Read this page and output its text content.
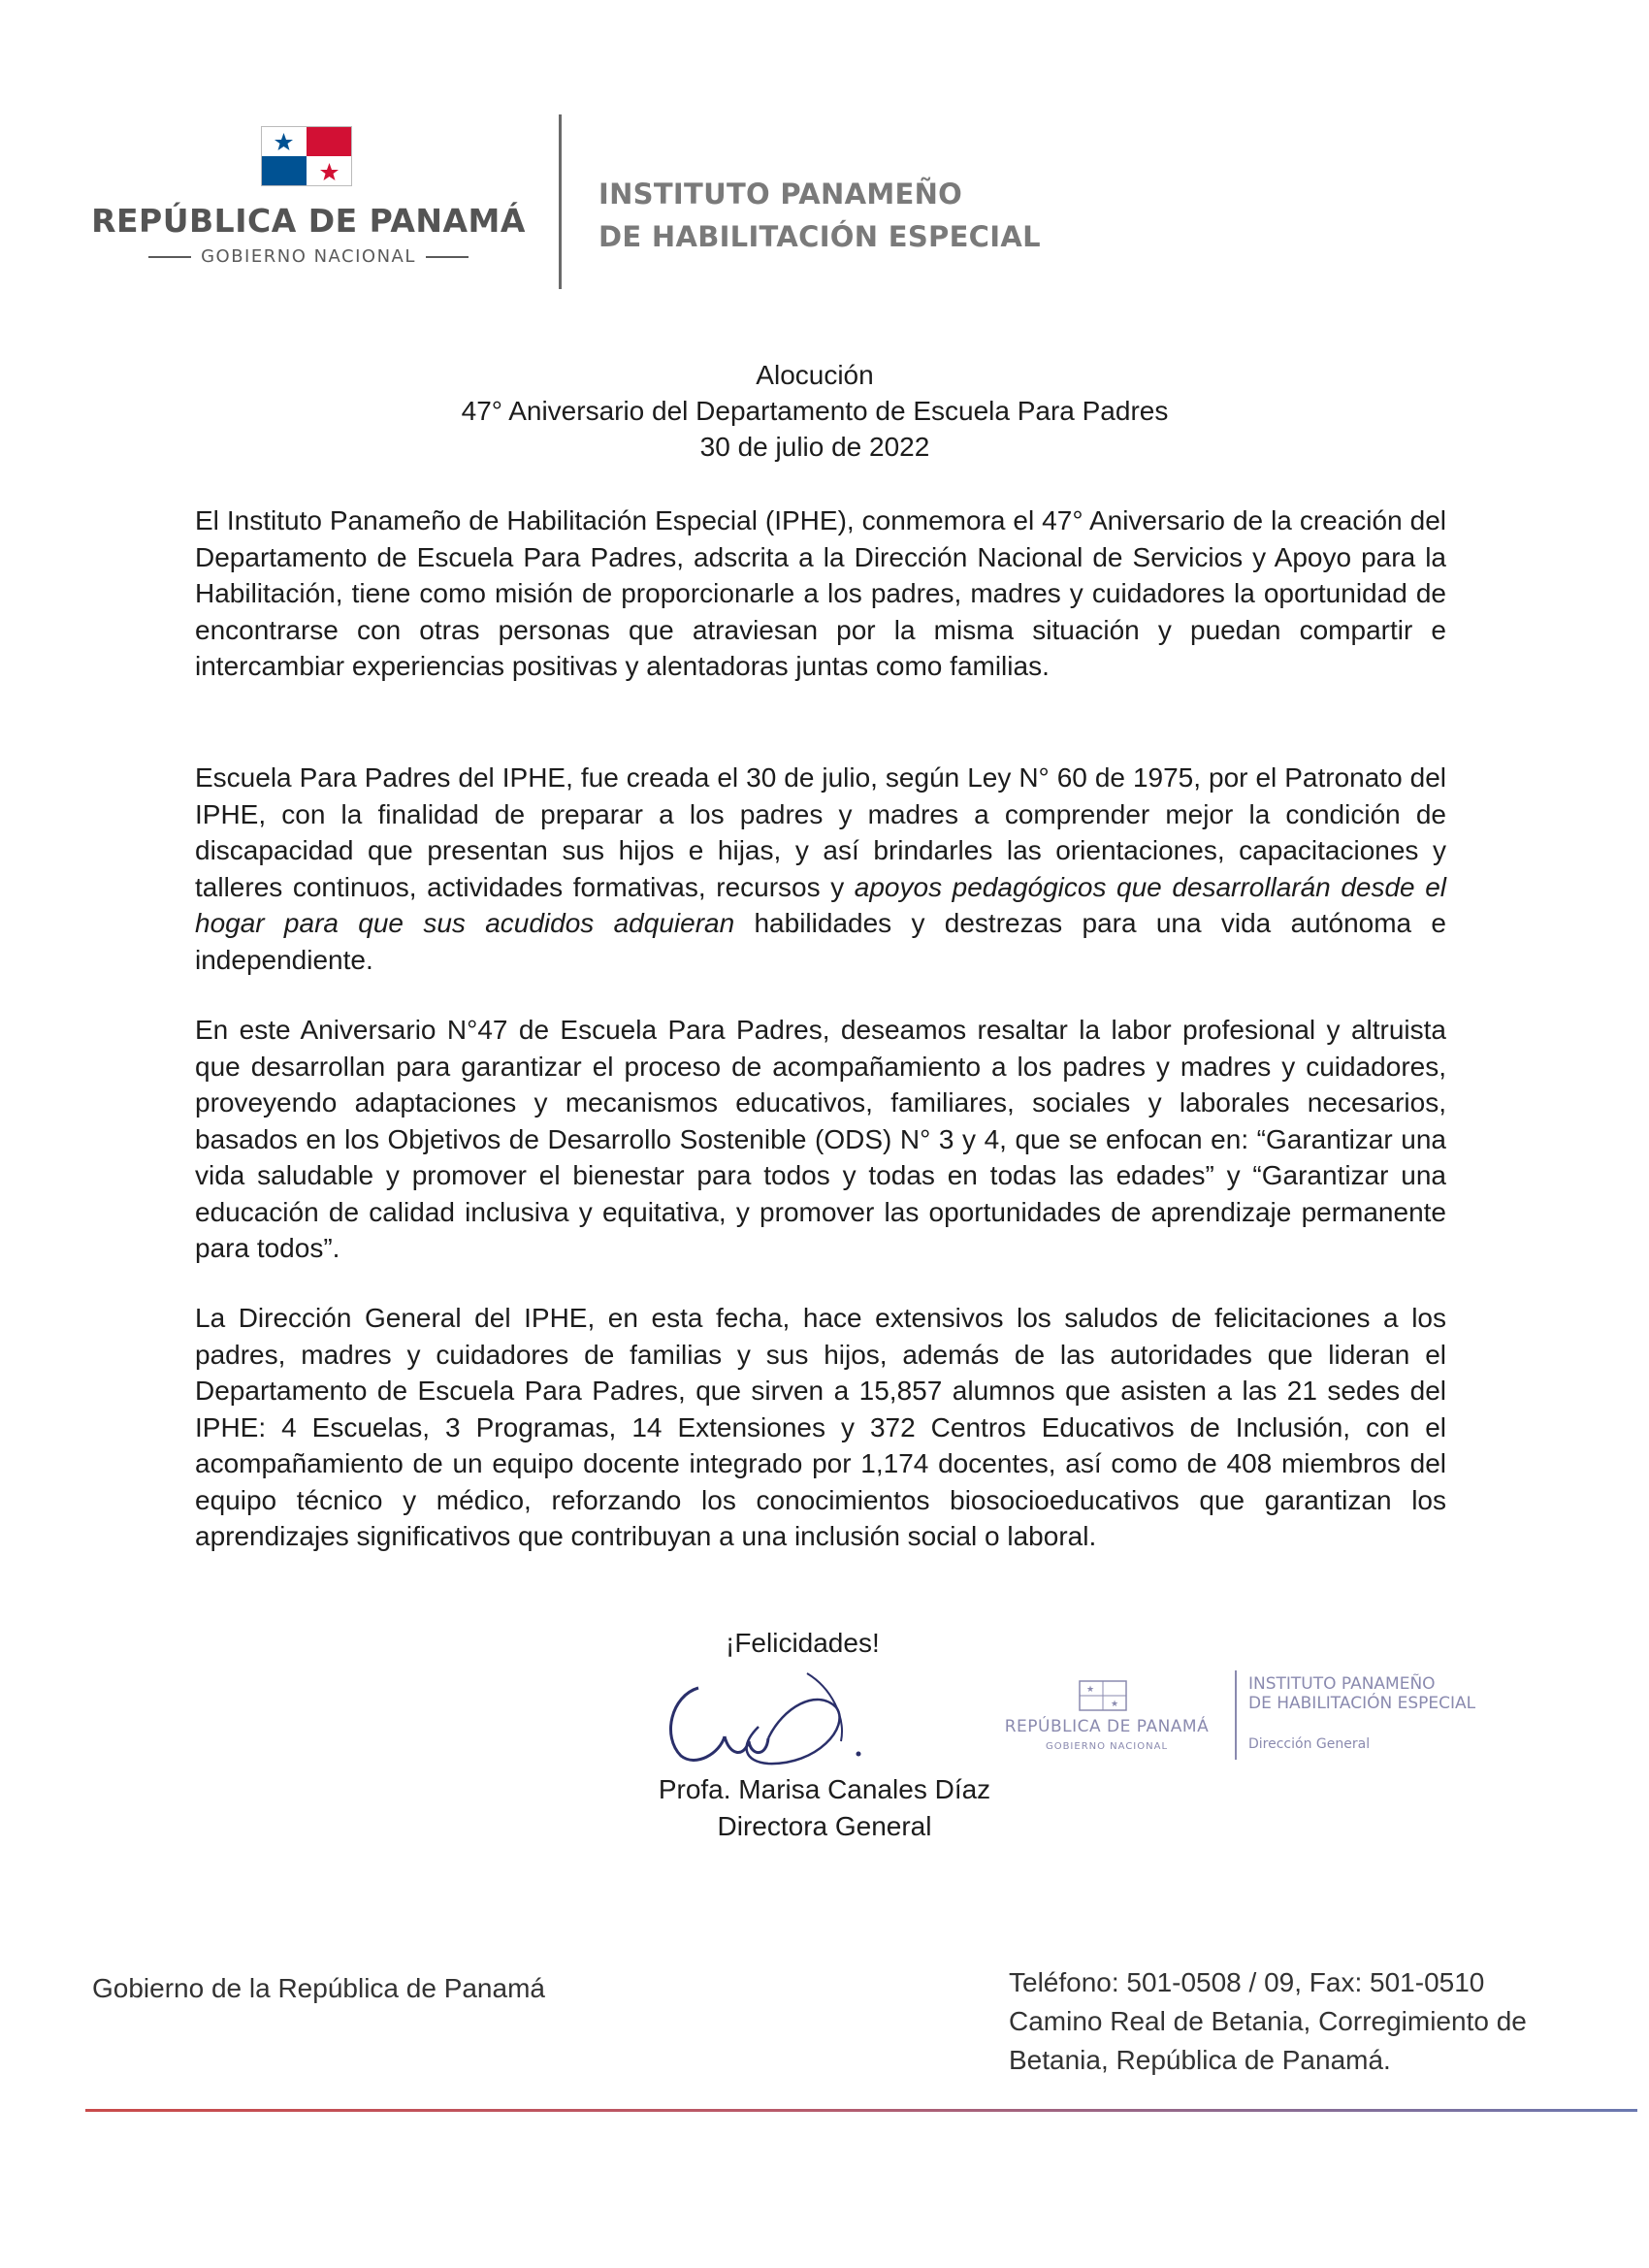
REPÚBLICA DE PANAMÁ
GOBIERNO NACIONAL
INSTITUTO PANAMEÑO
DE HABILITACIÓN ESPECIAL
Alocución
47° Aniversario del Departamento de Escuela Para Padres
30 de julio de 2022

El Instituto Panameño de Habilitación Especial (IPHE), conmemora el 47° Aniversario de la creación del Departamento de Escuela Para Padres, adscrita a la Dirección Nacional de Servicios y Apoyo para la Habilitación, tiene como misión de proporcionarle a los padres, madres y cuidadores la oportunidad de encontrarse con otras personas que atraviesan por la misma situación y puedan compartir e intercambiar experiencias positivas y alentadoras juntas como familias.

Escuela Para Padres del IPHE, fue creada el 30 de julio, según Ley N° 60 de 1975, por el Patronato del IPHE, con la finalidad de preparar a los padres y madres a comprender mejor la condición de discapacidad que presentan sus hijos e hijas, y así brindarles las orientaciones, capacitaciones y talleres continuos, actividades formativas, recursos y apoyos pedagógicos que desarrollarán desde el hogar para que sus acudidos adquieran habilidades y destrezas para una vida autónoma e independiente.

En este Aniversario N°47 de Escuela Para Padres, deseamos resaltar la labor profesional y altruista que desarrollan para garantizar el proceso de acompañamiento a los padres y madres y cuidadores, proveyendo adaptaciones y mecanismos educativos, familiares, sociales y laborales necesarios, basados en los Objetivos de Desarrollo Sostenible (ODS) N° 3 y 4, que se enfocan en: “Garantizar una vida saludable y promover el bienestar para todos y todas en todas las edades” y “Garantizar una educación de calidad inclusiva y equitativa, y promover las oportunidades de aprendizaje permanente para todos”.

La Dirección General del IPHE, en esta fecha, hace extensivos los saludos de felicitaciones a los padres, madres y cuidadores de familias y sus hijos, además de las autoridades que lideran el Departamento de Escuela Para Padres, que sirven a 15,857 alumnos que asisten a las 21 sedes del IPHE: 4 Escuelas, 3 Programas, 14 Extensiones y 372 Centros Educativos de Inclusión, con el acompañamiento de un equipo docente integrado por 1,174 docentes, así como de 408 miembros del equipo técnico y médico, reforzando los conocimientos biosocioeducativos que garantizan los aprendizajes significativos que contribuyan a una inclusión social o laboral.

¡Felicidades!
Profa. Marisa Canales Díaz
Directora General
★
★
REPÚBLICA DE PANAMÁ
GOBIERNO NACIONAL
INSTITUTO PANAMEÑO
DE HABILITACIÓN ESPECIAL
Dirección General
Gobierno de la República de Panamá	Teléfono: 501-0508 / 09, Fax: 501-0510
Camino Real de Betania, Corregimiento de
Betania, República de Panamá.
